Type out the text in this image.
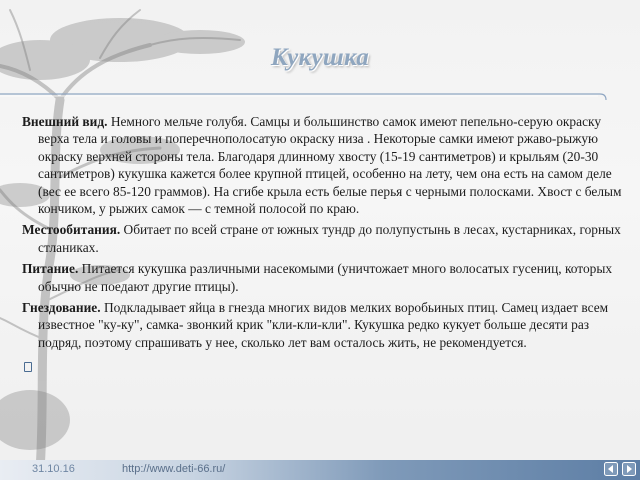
Кукушка

Внешний вид. Немного мельче голубя. Самцы и большинство самок имеют пепельно-серую окраску верха тела и головы и поперечнополосатую окраску низа . Некоторые самки имеют ржаво-рыжую окраску верхней стороны тела. Благодаря длинному хвосту (15-19 сантиметров) и крыльям (20-30 сантиметров) кукушка кажется более крупной птицей, особенно на лету, чем она есть на самом деле (вес ее всего 85-120 граммов). На сгибе крыла есть белые перья с черными полосками. Хвост с белым кончиком, у рыжих самок — с темной полосой по краю.

Местообитания. Обитает по всей стране от южных тундр до полупустынь в лесах, кустарниках, горных стланиках.

Питание. Питается кукушка различными насекомыми (уничтожает много волосатых гусениц, которых обычно не поедают другие птицы).

Гнездование. Подкладывает яйца в гнезда многих видов мелких воробьиных птиц. Самец издает всем известное "ку-ку", самка- звонкий крик "кли-кли-кли". Кукушка редко кукует больше десяти раз подряд, поэтому спрашивать у нее, сколько лет вам осталось жить, не рекомендуется.

31.10.16	http://www.deti-66.ru/
